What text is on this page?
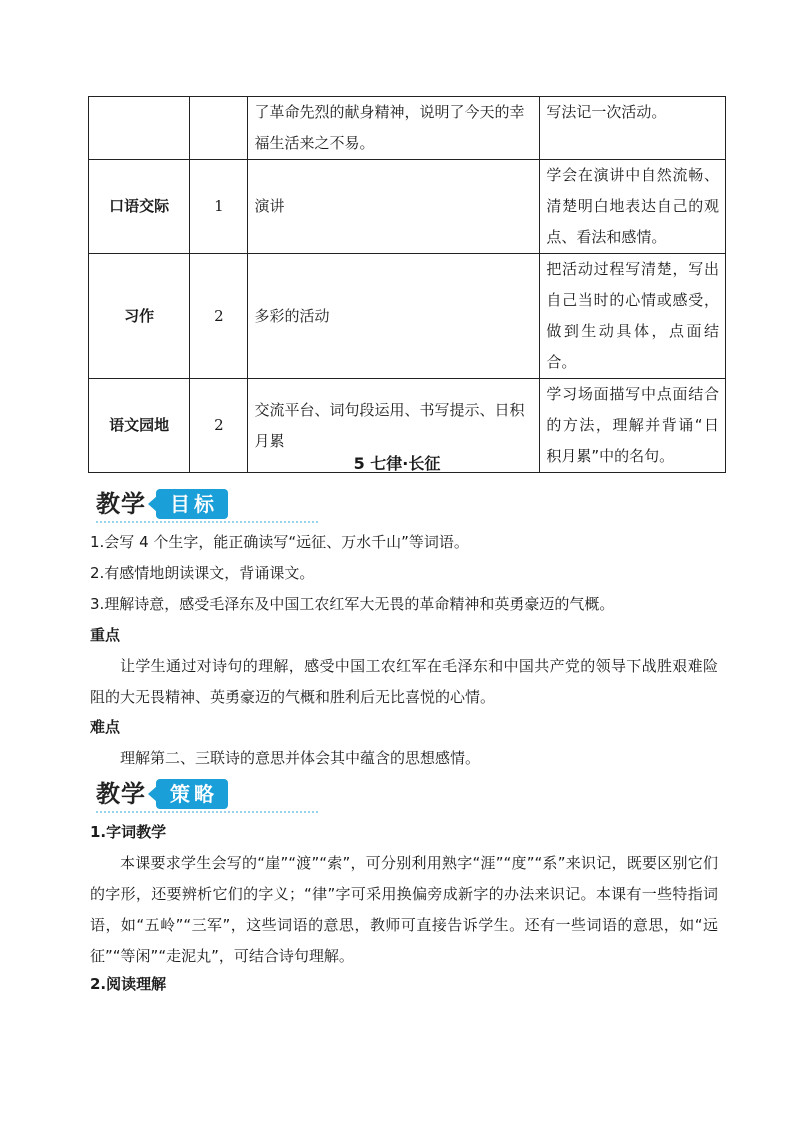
		了革命先烈的献身精神，说明了今天的幸福生活来之不易。	写法记一次活动。
口语交际	1	演讲	学会在演讲中自然流畅、清楚明白地表达自己的观点、看法和感情。
习作	2	多彩的活动	把活动过程写清楚，写出自己当时的心情或感受，做到生动具体，点面结合。
语文园地	2	交流平台、词句段运用、书写提示、日积月累	学习场面描写中点面结合的方法，理解并背诵“日积月累”中的名句。
5 七律·长征
教学	目标
1.会写 4 个生字，能正确读写“远征、万水千山”等词语。
2.有感情地朗读课文，背诵课文。
3.理解诗意，感受毛泽东及中国工农红军大无畏的革命精神和英勇豪迈的气概。
重点

让学生通过对诗句的理解，感受中国工农红军在毛泽东和中国共产党的领导下战胜艰难险阻的大无畏精神、英勇豪迈的气概和胜利后无比喜悦的心情。

难点

理解第二、三联诗的意思并体会其中蕴含的思想感情。

教学	策略
1.字词教学

本课要求学生会写的“崖”“渡”“索”，可分别利用熟字“涯”“度”“系”来识记，既要区别它们的字形，还要辨析它们的字义；“律”字可采用换偏旁成新字的办法来识记。本课有一些特指词语，如“五岭”“三军”，这些词语的意思，教师可直接告诉学生。还有一些词语的意思，如“远征”“等闲”“走泥丸”，可结合诗句理解。

2.阅读理解
